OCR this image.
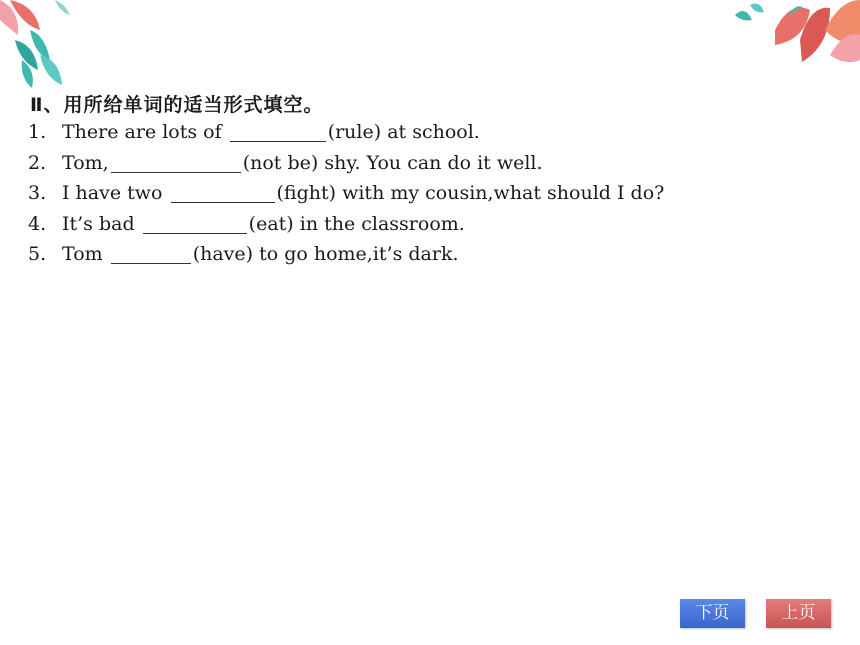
Ⅱ、用所给单词的适当形式填空。
1. There are lots of	(rule) at school.
2. Tom,	(not be) shy. You can do it well.
3. I have two	(fight) with my cousin,what should I do?
4. It’s bad	(eat) in the classroom.
5. Tom	(have) to go home,it’s dark.
下页	上页
